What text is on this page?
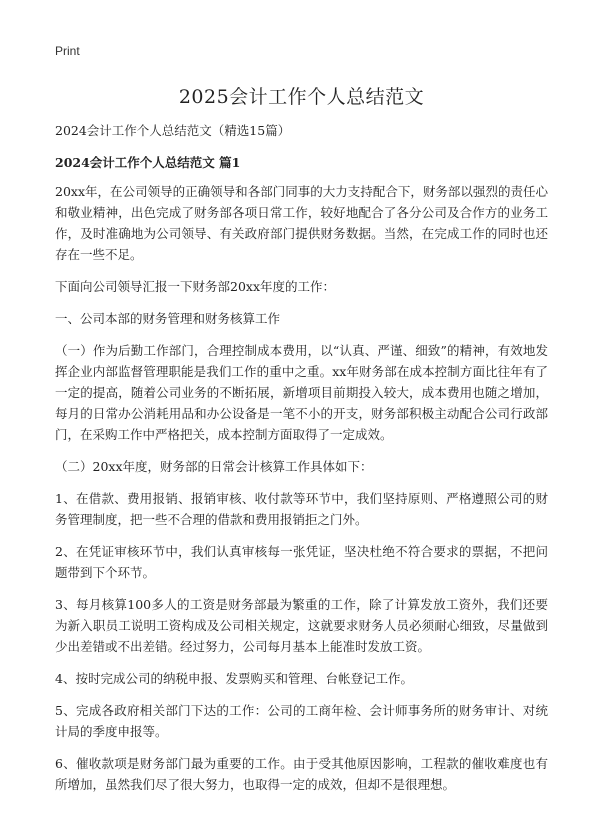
Print
2025会计工作个人总结范文

2024会计工作个人总结范文（精选15篇）

2024会计工作个人总结范文 篇1

20xx年，在公司领导的正确领导和各部门同事的大力支持配合下，财务部以强烈的责任心和敬业精神，出色完成了财务部各项日常工作，较好地配合了各分公司及合作方的业务工作，及时准确地为公司领导、有关政府部门提供财务数据。当然，在完成工作的同时也还存在一些不足。

下面向公司领导汇报一下财务部20xx年度的工作：

一、公司本部的财务管理和财务核算工作

（一）作为后勤工作部门，合理控制成本费用，以“认真、严谨、细致”的精神，有效地发挥企业内部监督管理职能是我们工作的重中之重。xx年财务部在成本控制方面比往年有了一定的提高，随着公司业务的不断拓展，新增项目前期投入较大，成本费用也随之增加，每月的日常办公消耗用品和办公设备是一笔不小的开支，财务部积极主动配合公司行政部门，在采购工作中严格把关，成本控制方面取得了一定成效。

（二）20xx年度，财务部的日常会计核算工作具体如下：

1、在借款、费用报销、报销审核、收付款等环节中，我们坚持原则、严格遵照公司的财务管理制度，把一些不合理的借款和费用报销拒之门外。

2、在凭证审核环节中，我们认真审核每一张凭证，坚决杜绝不符合要求的票据，不把问题带到下个环节。

3、每月核算100多人的工资是财务部最为繁重的工作，除了计算发放工资外，我们还要为新入职员工说明工资构成及公司相关规定，这就要求财务人员必须耐心细致，尽量做到少出差错或不出差错。经过努力，公司每月基本上能准时发放工资。

4、按时完成公司的纳税申报、发票购买和管理、台帐登记工作。

5、完成各政府相关部门下达的工作：公司的工商年检、会计师事务所的财务审计、对统计局的季度申报等。

6、催收款项是财务部门最为重要的工作。由于受其他原因影响，工程款的催收难度也有所增加，虽然我们尽了很大努力，也取得一定的成效，但却不是很理想。
